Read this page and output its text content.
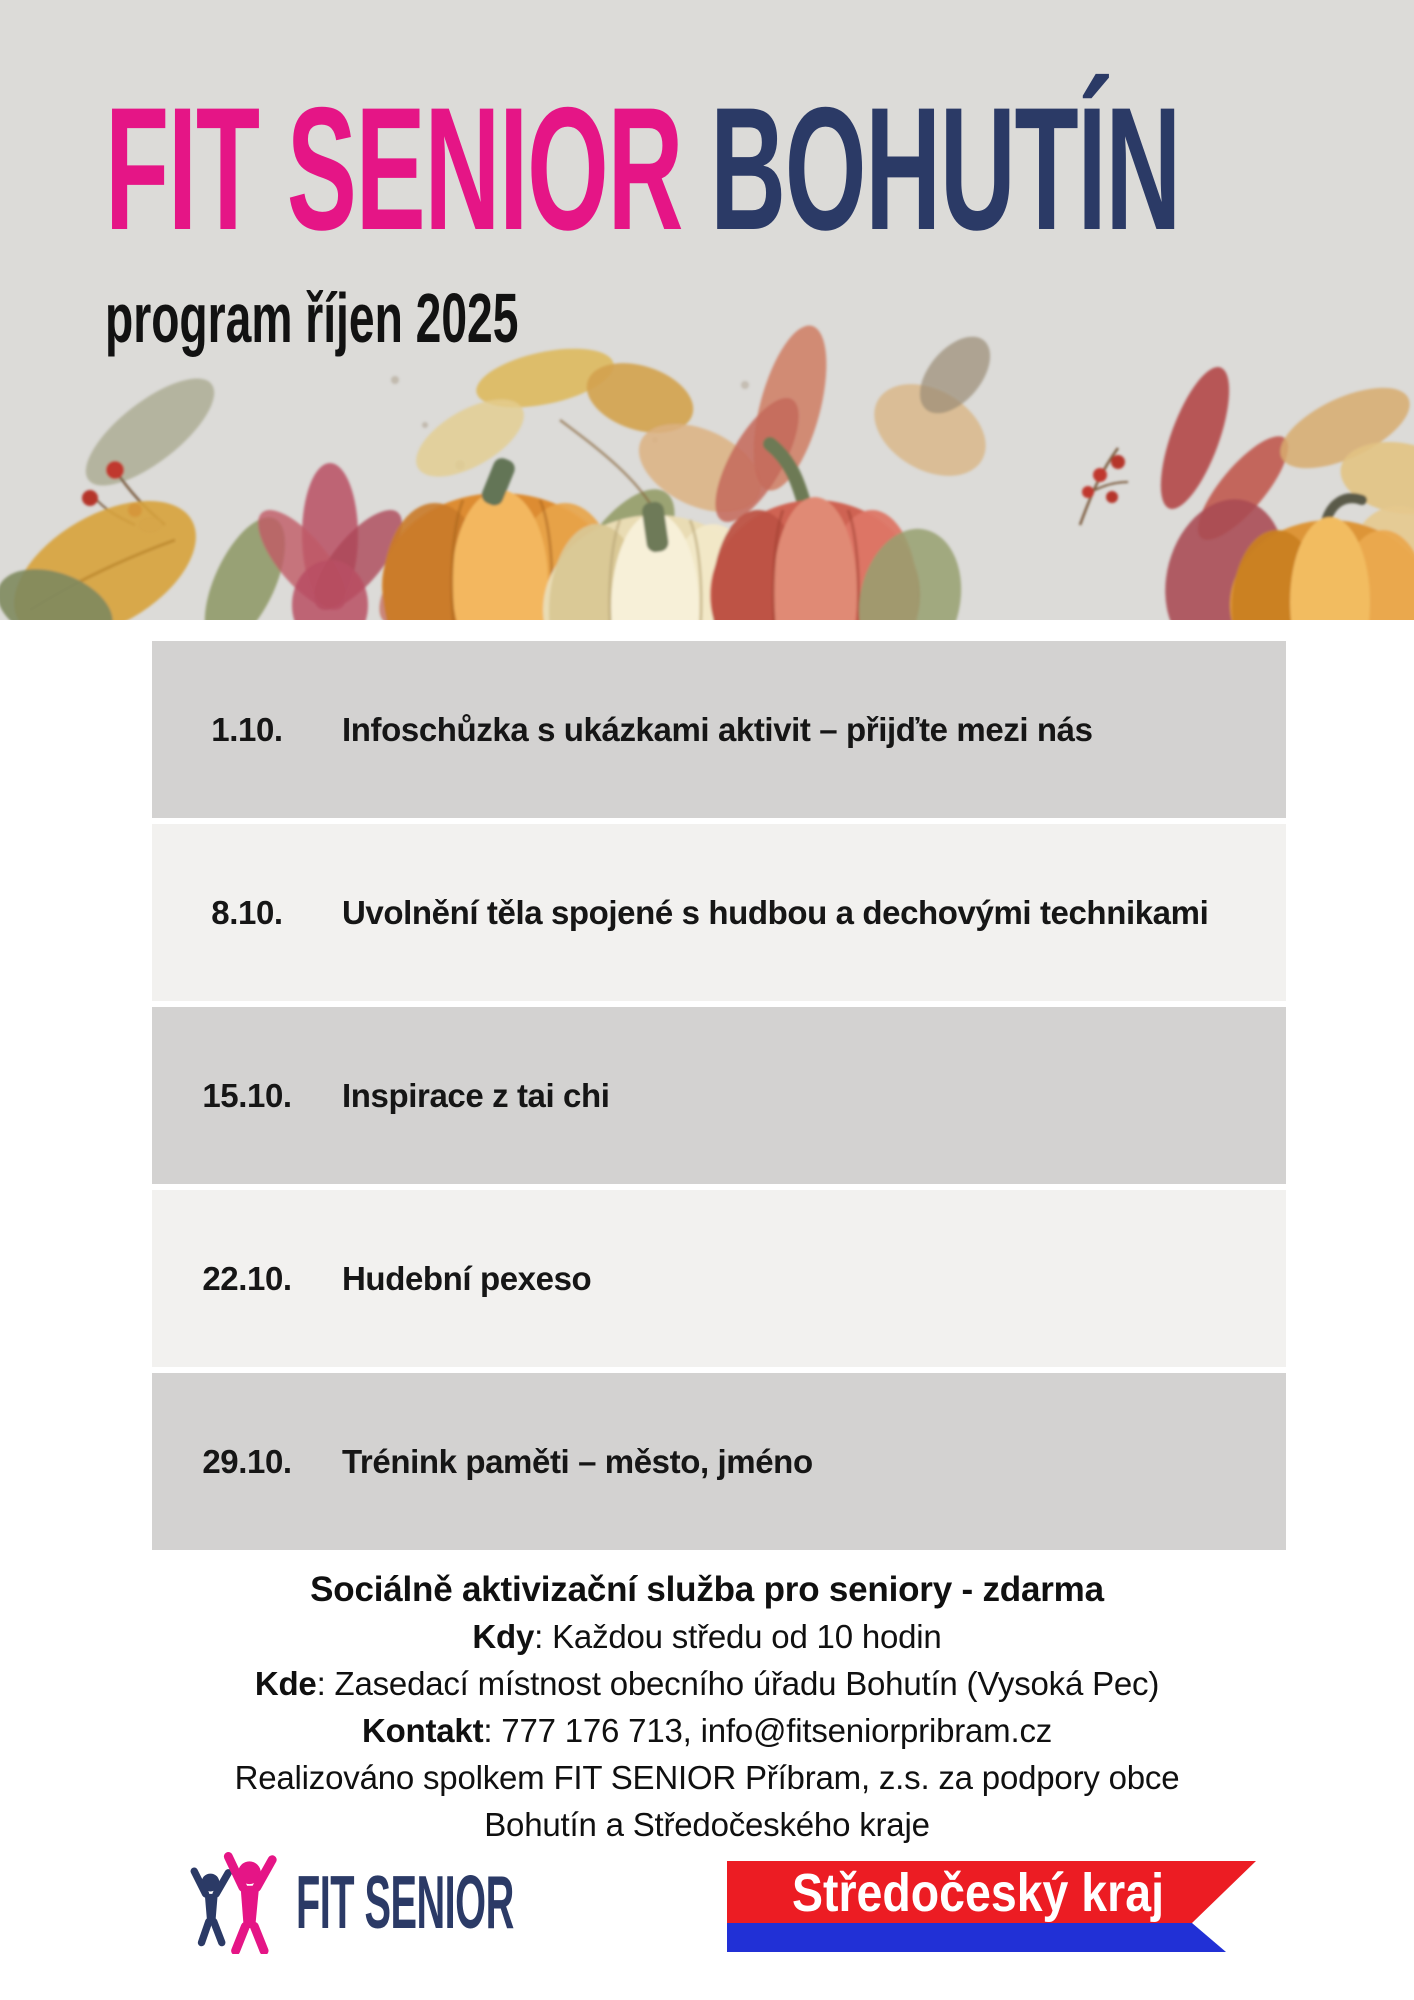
FIT SENIOR BOHUTÍN
program říjen 2025
1.10.	Infoschůzka s ukázkami aktivit – přijďte mezi nás
8.10.	Uvolnění těla spojené s hudbou a dechovými technikami
15.10.	Inspirace z tai chi
22.10.	Hudební pexeso
29.10.	Trénink paměti – město, jméno
Sociálně aktivizační služba pro seniory - zdarma
Kdy: Každou středu od 10 hodin
Kde: Zasedací místnost obecního úřadu Bohutín (Vysoká Pec)
Kontakt: 777 176 713, info@fitseniorpribram.cz
Realizováno spolkem FIT SENIOR Příbram, z.s. za podpory obce
Bohutín a Středočeského kraje
FIT SENIOR	Středočeský kraj
